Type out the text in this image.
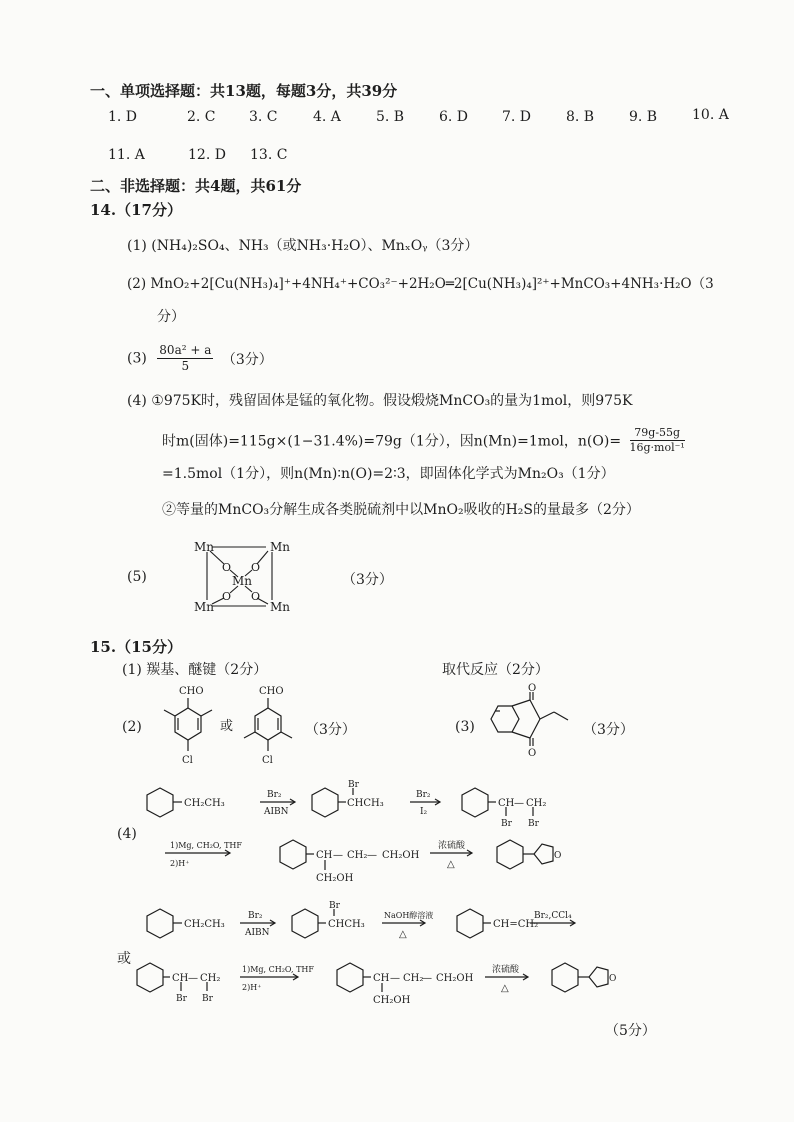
一、单项选择题：共13题，每题3分，共39分
1. D	2. C 3. C	4. A	5. B 6. D 7. D 8. B 9. B 10. A
11. A	12. D 13. C
二、非选择题：共4题，共61分
14.（17分）
(1) (NH₄)₂SO₄、NH₃（或NH₃·H₂O）、MnₓOᵧ（3分）
(2) MnO₂+2[Cu(NH₃)₄]⁺+4NH₄⁺+CO₃²⁻+2H₂O═2[Cu(NH₃)₄]²⁺+MnCO₃+4NH₃·H₂O（3
分）
$(3) \frac{\text{80a² + a}}{5} (3$分）
(4) ①975K时，残留固体是锰的氧化物。假设煅烧MnCO₃的量为1mol，则975K
时m(固体)=115g×(1−31.4%)=79g（1分），因n(Mn)=1mol，$n(O)= \frac{79g-55g}{\text{16g·mol⁻¹}}$
=1.5mol（1分），则n(Mn)∶n(O)=2∶3，即固体化学式为Mn₂O₃（1分）
②等量的MnCO₃分解生成各类脱硫剂中以MnO₂吸收的H₂S的量最多（2分）
(5)
Mn	Mn
Mn	Mn
Mn
O O
O O
（3分）
15.（15分）
(1) 羰基、醚键（2分）	取代反应（2分）
(2)
CHO
Cl
或
CHO
Cl
（3分）	(3)
O
O
（3分）
(4)
CH₂CH₃
Br₂
AIBN
Br
CHCH₃
Br₂
I₂
CH — CH₂
Br Br
1)Mg, CH₂O, THF
2)H⁺
CH — CH₂ — CH₂OH
CH₂OH
浓硫酸
△
O
或
CH₂CH₃
Br₂
AIBN
Br
CHCH₃
NaOH醇溶液
△
CH=CH₂
Br₂,CCl₄
CH — CH₂
Br Br
1)Mg, CH₂O, THF
2)H⁺
CH — CH₂
— CH₂OH
CH₂OH
浓硫酸
△
O
（5分）
